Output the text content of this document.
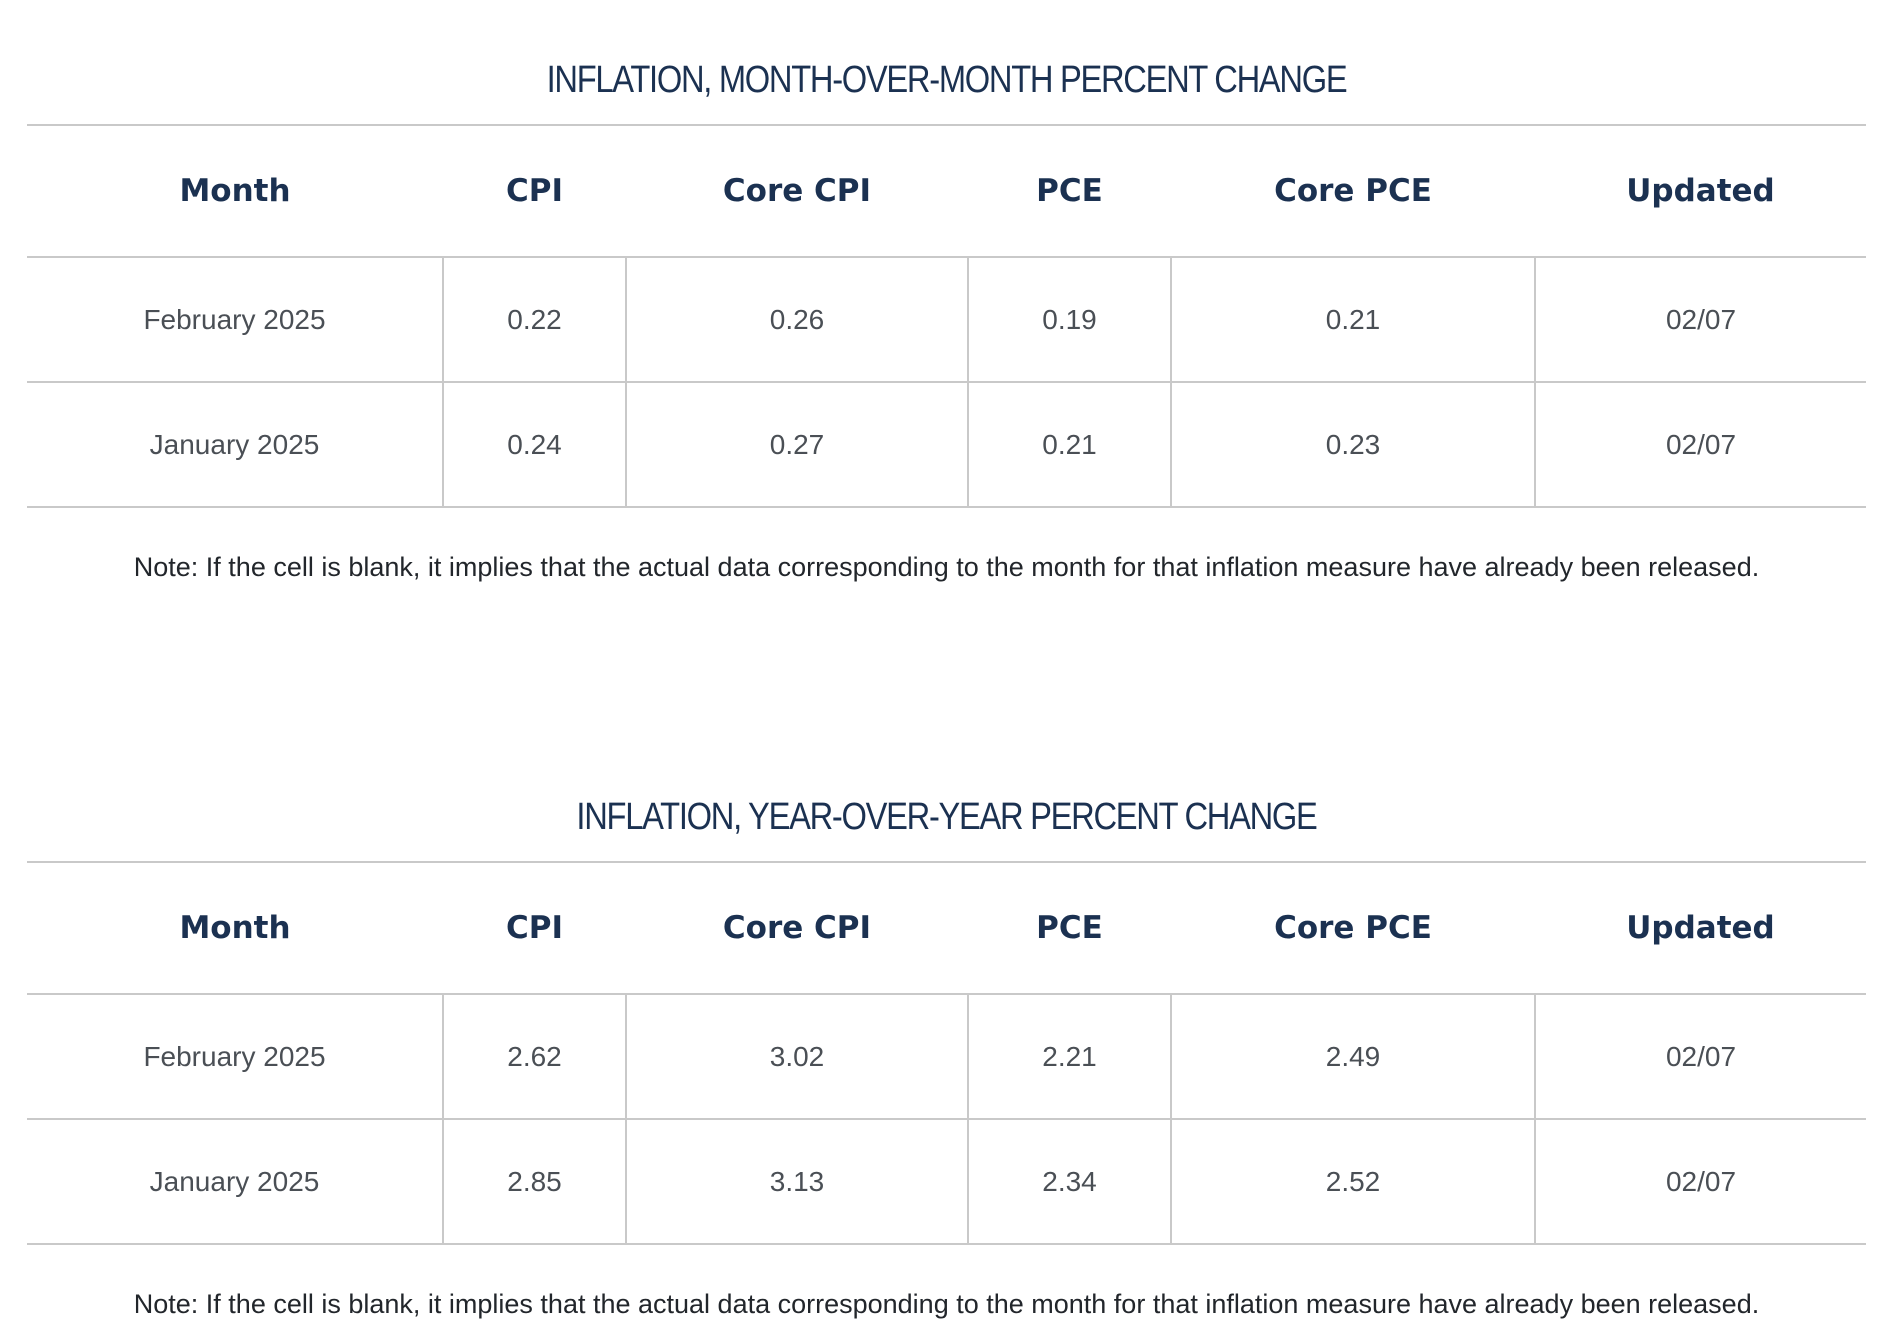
INFLATION, MONTH-OVER-MONTH PERCENT CHANGE
Month	CPI	Core CPI	PCE	Core PCE	Updated
February 2025	0.22	0.26	0.19	0.21	02/07
January 2025	0.24	0.27	0.21	0.23	02/07
Note: If the cell is blank, it implies that the actual data corresponding to the month for that inflation measure have already been released.
INFLATION, YEAR-OVER-YEAR PERCENT CHANGE
Month	CPI	Core CPI	PCE	Core PCE	Updated
February 2025	2.62	3.02	2.21	2.49	02/07
January 2025	2.85	3.13	2.34	2.52	02/07
Note: If the cell is blank, it implies that the actual data corresponding to the month for that inflation measure have already been released.
